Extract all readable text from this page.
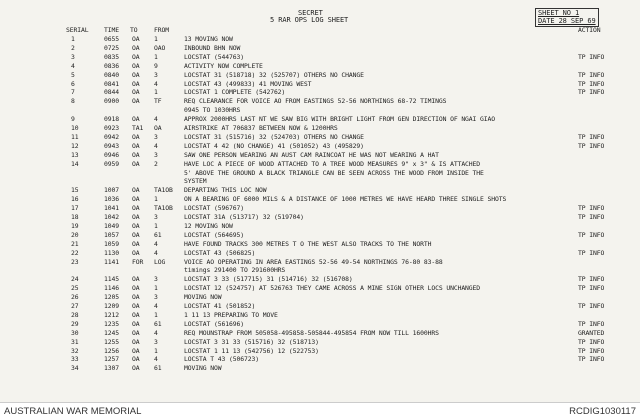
SECRET
5 RAR OPS LOG SHEET
SHEET NO 1
DATE 28 SEP 69
SERIAL TIME TO	FROM	ACTION
1	0655 OA 1	13 MOVING NOW
2	0725 OA OAO	INBOUND BHN NOW
3	0835 OA 1	LOCSTAT (544763)	TP INFO
4	0836 OA 9	ACTIVITY NOW COMPLETE
5	0840 OA 3	LOCSTAT 31 (518718) 32 (525707) OTHERS NO CHANGE	TP INFO
6	0841 OA 4	LOCSTAT 43 (499833) 41 MOVING WEST	TP INFO
7	0844 OA 1	LOCSTAT 1 COMPLETE (542762)	TP INFO
8	0900 OA TF	REQ CLEARANCE FOR VOICE AO FROM EASTINGS 52-56 NORTHINGS 68-72 TIMINGS
0945 TO 1030HRS
9	0918 OA 4	APPROX 2000HRS LAST NT WE SAW BIG WITH BRIGHT LIGHT FROM GEN DIRECTION OF NGAI GIAO
10	0923 TA1 OA	AIRSTRIKE AT 706837 BETWEEN NOW & 1200HRS
11	0942 OA 3	LOCSTAT 31 (515716) 32 (524703) OTHERS NO CHANGE	TP INFO
12	0943 OA 4	LOCSTAT 4 42 (NO CHANGE) 41 (501052) 43 (495829)	TP INFO
13	0946 OA 3	SAW ONE PERSON WEARING AN AUST CAM RAINCOAT HE WAS NOT WEARING A HAT
14	0959 OA 2	HAVE LOC A PIECE OF WOOD ATTACHED TO A TREE WOOD MEASURES 9" x 3" & IS ATTACHED
5' ABOVE THE GROUND A BLACK TRIANGLE CAN BE SEEN ACROSS THE WOOD FROM INSIDE THE
SYSTEM
15	1007 OA TA1OB DEPARTING THIS LOC NOW
16	1036 OA 1	ON A BEARING OF 6000 MILS & A DISTANCE OF 1000 METRES WE HAVE HEARD THREE SINGLE SHOTS
17	1041 OA TA1OB LOCSTAT (596767)	TP INFO
18	1042 OA 3	LOCSTAT 31A (513717) 32 (519704)	TP INFO
19	1049 OA 1	12 MOVING NOW
20	1057 OA 61	LOCSTAT (564695)	TP INFO
21	1059 OA 4	HAVE FOUND TRACKS 300 METRES T O THE WEST ALSO TRACKS TO THE NORTH
22	1130 OA 4	LOCSTAT 43 (506825)	TP INFO
23	1141 FOR LOG	VOICE AO OPERATING IN AREA EASTINGS 52-56 49-54 NORTHINGS 76-80 83-88
timings 291400 TO 291600HRS
24	1145 OA 3	LOCSTAT 3 33 (517715) 31 (514716) 32 (516708)	TP INFO
25	1146 OA 1	LOCSTAT 12 (524757) AT 526763 THEY CAME ACROSS A MINE SIGN OTHER LOCS UNCHANGED	TP INFO
26	1205 OA 3	MOVING NOW
27	1209 OA 4	LOCSTAT 41 (501852)	TP INFO
28	1212 OA 1	1 11 13 PREPARING TO MOVE
29	1235 OA 61	LOCSTAT (561696)	TP INFO
30	1245 OA 4	REQ MOUNSTRAP FROM 505058-495858-505844-495854 FROM NOW TILL 1600HRS	GRANTED
31	1255 OA 3	LOCSTAT 3 31 33 (515716) 32 (518713)	TP INFO
32	1256 OA 1	LOCSTAT 1 11 13 (542756) 12 (522753)	TP INFO
33	1257 OA 4	LOCSTA T 43 (506723)	TP INFO
34	1307 OA 61	MOVING NOW
AUSTRALIAN WAR MEMORIAL	RCDIG1030117
